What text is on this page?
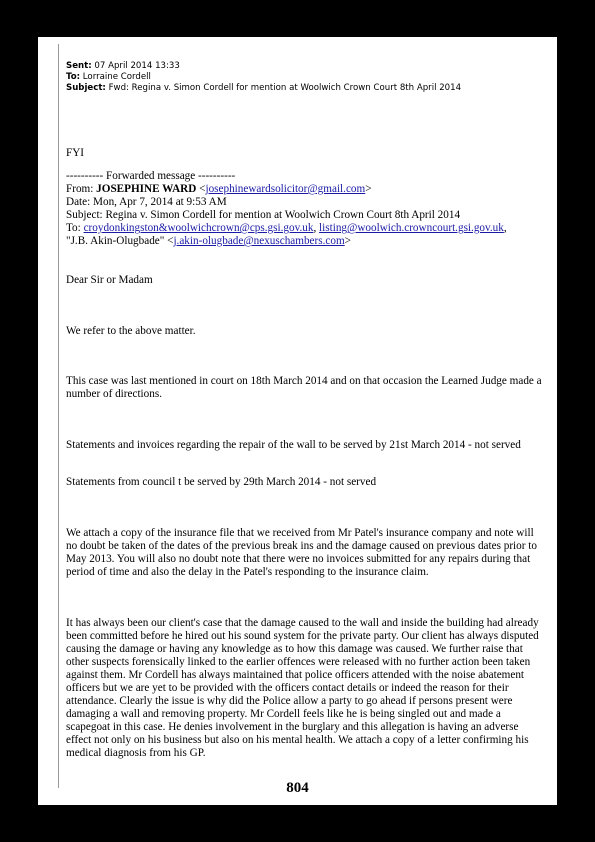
Sent: 07 April 2014 13:33
To: Lorraine Cordell
Subject: Fwd: Regina v. Simon Cordell for mention at Woolwich Crown Court 8th April 2014
FYI
---------- Forwarded message ----------
From: JOSEPHINE WARD <josephinewardsolicitor@gmail.com>
Date: Mon, Apr 7, 2014 at 9:53 AM
Subject: Regina v. Simon Cordell for mention at Woolwich Crown Court 8th April 2014
To: croydonkingston&woolwichcrown@cps.gsi.gov.uk, listing@woolwich.crowncourt.gsi.gov.uk,
"J.B. Akin-Olugbade" <j.akin-olugbade@nexuschambers.com>
Dear Sir or Madam
We refer to the above matter.
This case was last mentioned in court on 18th March 2014 and on that occasion the Learned Judge made a number of directions.
Statements and invoices regarding the repair of the wall to be served by 21st March 2014 - not served
Statements from council t be served by 29th March 2014 - not served
We attach a copy of the insurance file that we received from Mr Patel's insurance company and note will no doubt be taken of the dates of the previous break ins and the damage caused on previous dates prior to May 2013. You will also no doubt note that there were no invoices submitted for any repairs during that period of time and also the delay in the Patel's responding to the insurance claim.
It has always been our client's case that the damage caused to the wall and inside the building had already been committed before he hired out his sound system for the private party. Our client has always disputed causing the damage or having any knowledge as to how this damage was caused. We further raise that other suspects forensically linked to the earlier offences were released with no further action been taken against them. Mr Cordell has always maintained that police officers attended with the noise abatement officers but we are yet to be provided with the officers contact details or indeed the reason for their attendance. Clearly the issue is why did the Police allow a party to go ahead if persons present were damaging a wall and removing property. Mr Cordell feels like he is being singled out and made a scapegoat in this case. He denies involvement in the burglary and this allegation is having an adverse effect not only on his business but also on his mental health. We attach a copy of a letter confirming his medical diagnosis from his GP.
804
